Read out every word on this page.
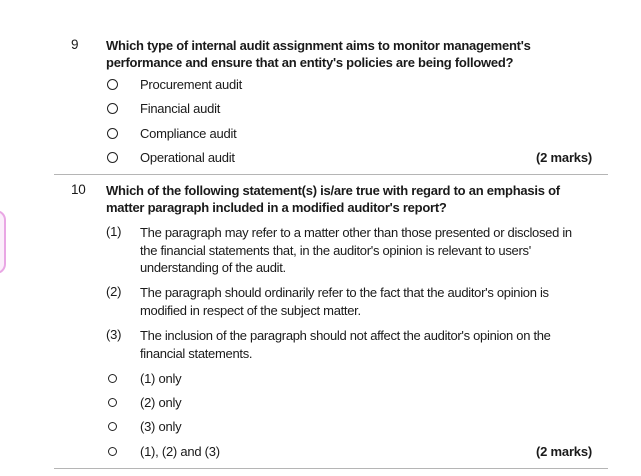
9 Which type of internal audit assignment aims to monitor management's performance and ensure that an entity's policies are being followed?
Procurement audit
Financial audit
Compliance audit
Operational audit	(2 marks)
10 Which of the following statement(s) is/are true with regard to an emphasis of matter paragraph included in a modified auditor's report?
(1) The paragraph may refer to a matter other than those presented or disclosed in the financial statements that, in the auditor's opinion is relevant to users' understanding of the audit.
(2) The paragraph should ordinarily refer to the fact that the auditor's opinion is modified in respect of the subject matter.
(3) The inclusion of the paragraph should not affect the auditor's opinion on the financial statements.
(1) only
(2) only
(3) only
(1), (2) and (3)	(2 marks)
